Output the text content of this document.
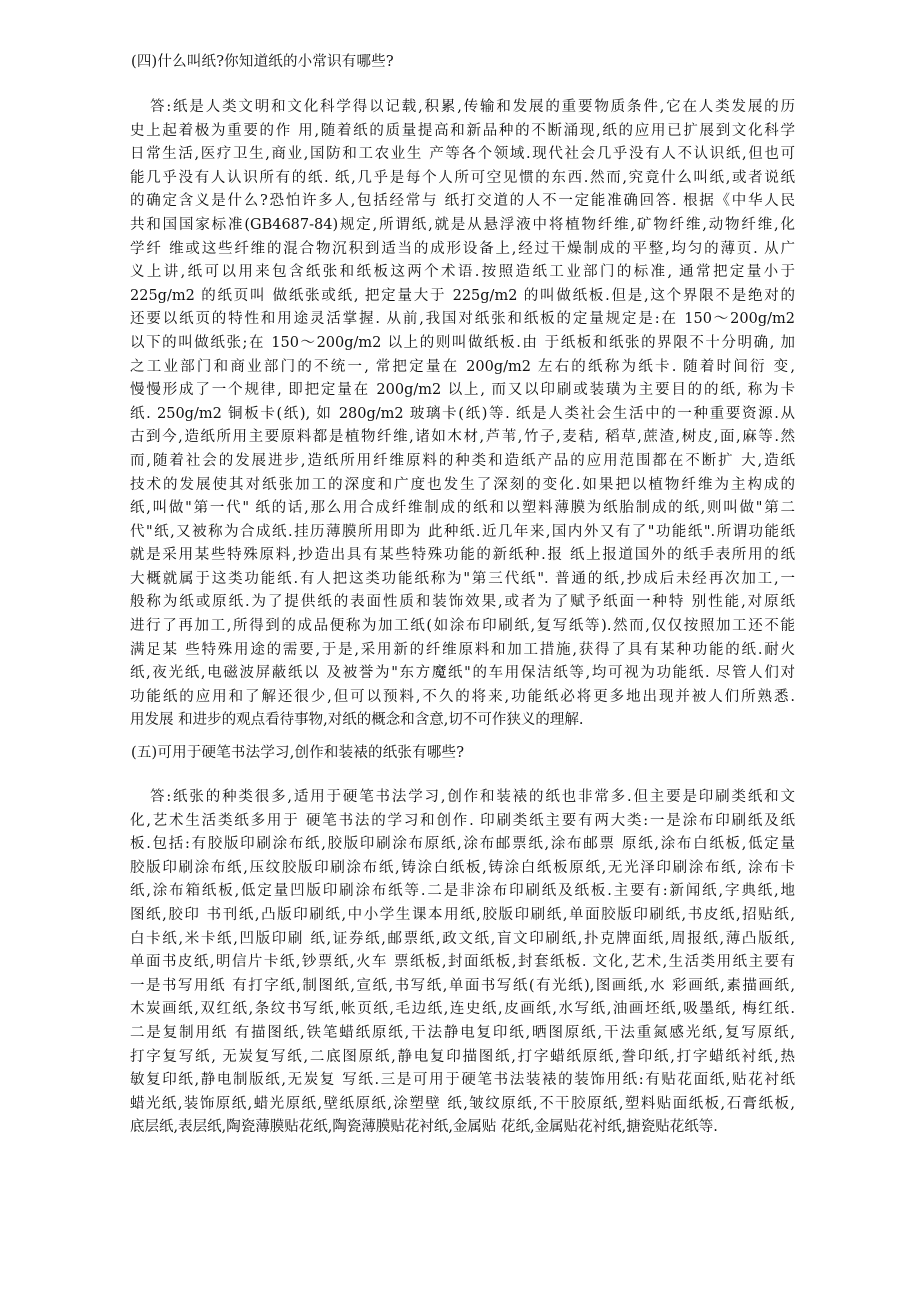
(四)什么叫纸?你知道纸的小常识有哪些?
答:纸是人类文明和文化科学得以记载,积累,传输和发展的重要物质条件,它在人类发展的历
史上起着极为重要的作 用,随着纸的质量提高和新品种的不断涌现,纸的应用已扩展到文化科学
日常生活,医疗卫生,商业,国防和工农业生 产等各个领域.现代社会几乎没有人不认识纸,但也可
能几乎没有人认识所有的纸. 纸,几乎是每个人所可空见惯的东西.然而,究竟什么叫纸,或者说纸
的确定含义是什么?恐怕许多人,包括经常与 纸打交道的人不一定能准确回答. 根据《中华人民
共和国国家标准(GB4687-84)规定,所谓纸,就是从悬浮液中将植物纤维,矿物纤维,动物纤维,化
学纤 维或这些纤维的混合物沉积到适当的成形设备上,经过干燥制成的平整,均匀的薄页. 从广
义上讲,纸可以用来包含纸张和纸板这两个术语.按照造纸工业部门的标准, 通常把定量小于
225g/m2 的纸页叫 做纸张或纸, 把定量大于 225g/m2 的叫做纸板.但是,这个界限不是绝对的
还要以纸页的特性和用途灵活掌握. 从前,我国对纸张和纸板的定量规定是:在 150～200g/m2
以下的叫做纸张;在 150～200g/m2 以上的则叫做纸板.由 于纸板和纸张的界限不十分明确, 加
之工业部门和商业部门的不统一, 常把定量在 200g/m2 左右的纸称为纸卡. 随着时间衍 变,
慢慢形成了一个规律, 即把定量在 200g/m2 以上, 而又以印刷或装璜为主要目的的纸, 称为卡
纸. 250g/m2 铜板卡(纸), 如 280g/m2 玻璃卡(纸)等. 纸是人类社会生活中的一种重要资源.从
古到今,造纸所用主要原料都是植物纤维,诸如木材,芦苇,竹子,麦秸, 稻草,蔗渣,树皮,面,麻等.然
而,随着社会的发展进步,造纸所用纤维原料的种类和造纸产品的应用范围都在不断扩 大,造纸
技术的发展使其对纸张加工的深度和广度也发生了深刻的变化.如果把以植物纤维为主构成的
纸,叫做"第一代" 纸的话,那么用合成纤维制成的纸和以塑料薄膜为纸胎制成的纸,则叫做"第二
代"纸,又被称为合成纸.挂历薄膜所用即为 此种纸.近几年来,国内外又有了"功能纸".所谓功能纸
就是采用某些特殊原料,抄造出具有某些特殊功能的新纸种.报 纸上报道国外的纸手表所用的纸
大概就属于这类功能纸.有人把这类功能纸称为"第三代纸". 普通的纸,抄成后未经再次加工,一
般称为纸或原纸.为了提供纸的表面性质和装饰效果,或者为了赋予纸面一种特 别性能,对原纸
进行了再加工,所得到的成品便称为加工纸(如涂布印刷纸,复写纸等).然而,仅仅按照加工还不能
满足某 些特殊用途的需要,于是,采用新的纤维原料和加工措施,获得了具有某种功能的纸.耐火
纸,夜光纸,电磁波屏蔽纸以 及被誉为"东方魔纸"的车用保洁纸等,均可视为功能纸. 尽管人们对
功能纸的应用和了解还很少,但可以预料,不久的将来,功能纸必将更多地出现并被人们所熟悉.
用发展 和进步的观点看待事物,对纸的概念和含意,切不可作狭义的理解.
(五)可用于硬笔书法学习,创作和装裱的纸张有哪些?
答:纸张的种类很多,适用于硬笔书法学习,创作和装裱的纸也非常多.但主要是印刷类纸和文
化,艺术生活类纸多用于 硬笔书法的学习和创作. 印刷类纸主要有两大类:一是涂布印刷纸及纸
板.包括:有胶版印刷涂布纸,胶版印刷涂布原纸,涂布邮票纸,涂布邮票 原纸,涂布白纸板,低定量
胶版印刷涂布纸,压纹胶版印刷涂布纸,铸涂白纸板,铸涂白纸板原纸,无光泽印刷涂布纸, 涂布卡
纸,涂布箱纸板,低定量凹版印刷涂布纸等.二是非涂布印刷纸及纸板.主要有:新闻纸,字典纸,地
图纸,胶印 书刊纸,凸版印刷纸,中小学生课本用纸,胶版印刷纸,单面胶版印刷纸,书皮纸,招贴纸,
白卡纸,米卡纸,凹版印刷 纸,证券纸,邮票纸,政文纸,盲文印刷纸,扑克牌面纸,周报纸,薄凸版纸,
单面书皮纸,明信片卡纸,钞票纸,火车 票纸板,封面纸板,封套纸板. 文化,艺术,生活类用纸主要有
一是书写用纸 有打字纸,制图纸,宣纸,书写纸,单面书写纸(有光纸),图画纸,水 彩画纸,素描画纸,
木炭画纸,双红纸,条纹书写纸,帐页纸,毛边纸,连史纸,皮画纸,水写纸,油画坯纸,吸墨纸, 梅红纸.
二是复制用纸 有描图纸,铁笔蜡纸原纸,干法静电复印纸,晒图原纸,干法重氮感光纸,复写原纸,
打字复写纸, 无炭复写纸,二底图原纸,静电复印描图纸,打字蜡纸原纸,誊印纸,打字蜡纸衬纸,热
敏复印纸,静电制版纸,无炭复 写纸.三是可用于硬笔书法装裱的装饰用纸:有贴花面纸,贴花衬纸
蜡光纸,装饰原纸,蜡光原纸,壁纸原纸,涂塑壁 纸,皱纹原纸,不干胶原纸,塑料贴面纸板,石膏纸板,
底层纸,表层纸,陶瓷薄膜贴花纸,陶瓷薄膜贴花衬纸,金属贴 花纸,金属贴花衬纸,搪瓷贴花纸等.
